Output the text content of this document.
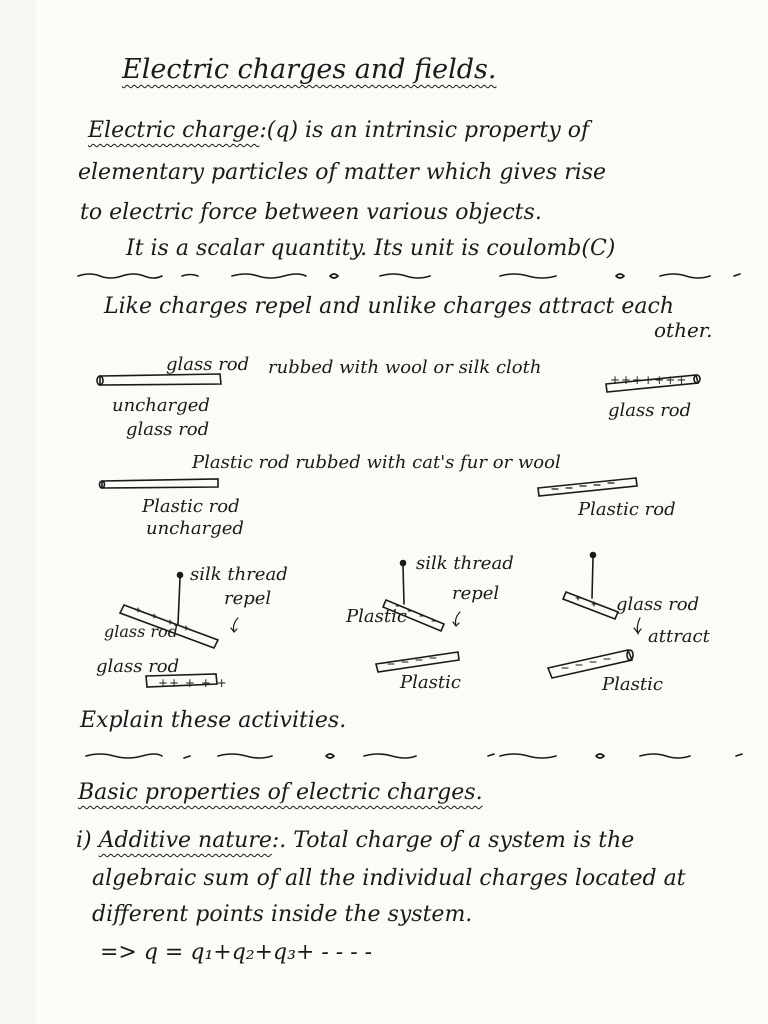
Electric charges and fields.
Electric charge:(q) is an intrinsic property of
elementary particles of matter which gives rise
to electric force between various objects.
It is a scalar quantity. Its unit is coulomb(C)
Like charges repel and unlike charges attract each
other.
glass rod rubbed with wool or silk cloth
uncharged
glass rod
glass rod
+++++++
Plastic rod rubbed with cat's fur or wool
Plastic rod
uncharged
Plastic rod
silk thread
repel
glass rod
glass rod
++ + + +
silk thread
repel
Plastic
Plastic
glass rod
attract
Plastic
Explain these activities.
Basic properties of electric charges.
i) Additive nature:. Total charge of a system is the
algebraic sum of all the individual charges located at
different points inside the system.
=> q = q₁+q₂+q₃+ - - - -
